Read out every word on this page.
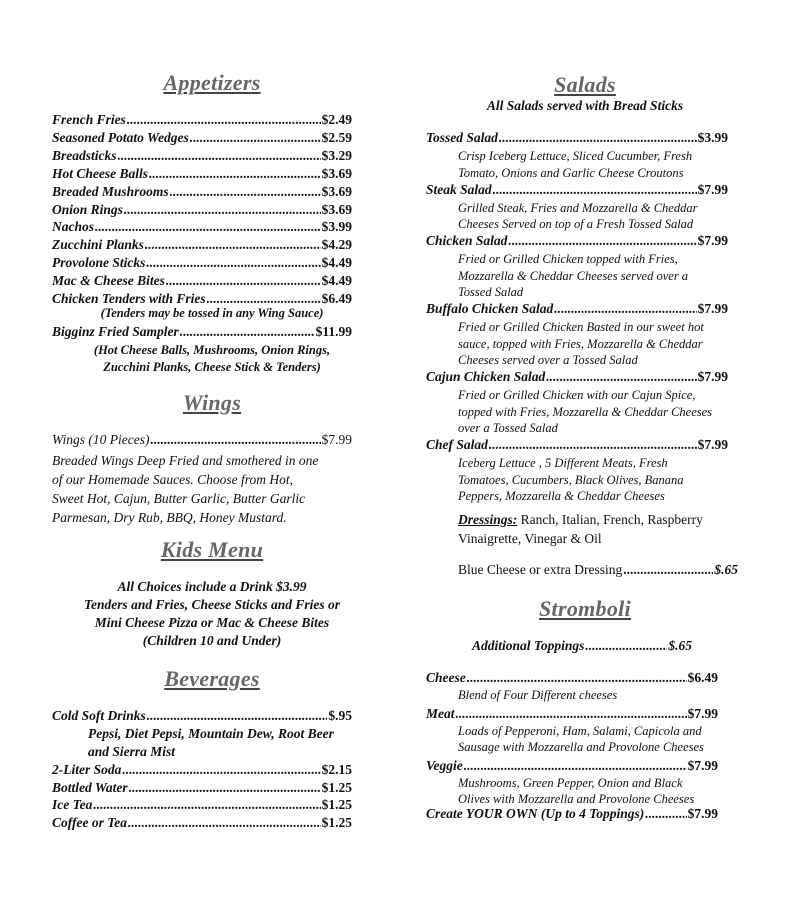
Appetizers
French Fries .....	$2.49
Seasoned Potato Wedges .....	$2.59
Breadsticks .....	$3.29
Hot Cheese Balls .....	$3.69
Breaded Mushrooms .....	$3.69
Onion Rings .....	$3.69
Nachos .....	$3.99
Zucchini Planks .....	$4.29
Provolone Sticks .....	$4.49
Mac & Cheese Bites .....	$4.49
Chicken Tenders with Fries .....	$6.49
(Tenders may be tossed in any Wing Sauce)
Bigginz Fried Sampler .....	$11.99
(Hot Cheese Balls, Mushrooms, Onion Rings,
Zucchini Planks, Cheese Stick & Tenders)
Wings
Wings (10 Pieces) .....	$7.99
Breaded Wings Deep Fried and smothered in one
of our Homemade Sauces. Choose from Hot,
Sweet Hot, Cajun, Butter Garlic, Butter Garlic
Parmesan, Dry Rub, BBQ, Honey Mustard.
Kids Menu
All Choices include a Drink $3.99
Tenders and Fries, Cheese Sticks and Fries or
Mini Cheese Pizza or Mac & Cheese Bites
(Children 10 and Under)
Beverages
Cold Soft Drinks .....	$.95
Pepsi, Diet Pepsi, Mountain Dew, Root Beer
and Sierra Mist
2-Liter Soda .....	$2.15
Bottled Water .....	$1.25
Ice Tea .....	$1.25
Coffee or Tea .....	$1.25
Salads
All Salads served with Bread Sticks
Tossed Salad .....	$3.99
Crisp Iceberg Lettuce, Sliced Cucumber, Fresh
Tomato, Onions and Garlic Cheese Croutons
Steak Salad .....	$7.99
Grilled Steak, Fries and Mozzarella & Cheddar
Cheeses Served on top of a Fresh Tossed Salad
Chicken Salad .....	$7.99
Fried or Grilled Chicken topped with Fries,
Mozzarella & Cheddar Cheeses served over a
Tossed Salad
Buffalo Chicken Salad .....	$7.99
Fried or Grilled Chicken Basted in our sweet hot
sauce, topped with Fries, Mozzarella & Cheddar
Cheeses served over a Tossed Salad
Cajun Chicken Salad .....	$7.99
Fried or Grilled Chicken with our Cajun Spice,
topped with Fries, Mozzarella & Cheddar Cheeses
over a Tossed Salad
Chef Salad .....	$7.99
Iceberg Lettuce , 5 Different Meats, Fresh
Tomatoes, Cucumbers, Black Olives, Banana
Peppers, Mozzarella & Cheddar Cheeses
Dressings: Ranch, Italian, French, Raspberry
Vinaigrette, Vinegar & Oil
Blue Cheese or extra Dressing .....	$.65
Stromboli
Additional Toppings .....	$.65
Cheese .....	$6.49
Blend of Four Different cheeses
Meat .....	$7.99
Loads of Pepperoni, Ham, Salami, Capicola and
Sausage with Mozzarella and Provolone Cheeses
Veggie .....	$7.99
Mushrooms, Green Pepper, Onion and Black
Olives with Mozzarella and Provolone Cheeses
Create YOUR OWN (Up to 4 Toppings) .....	$7.99
